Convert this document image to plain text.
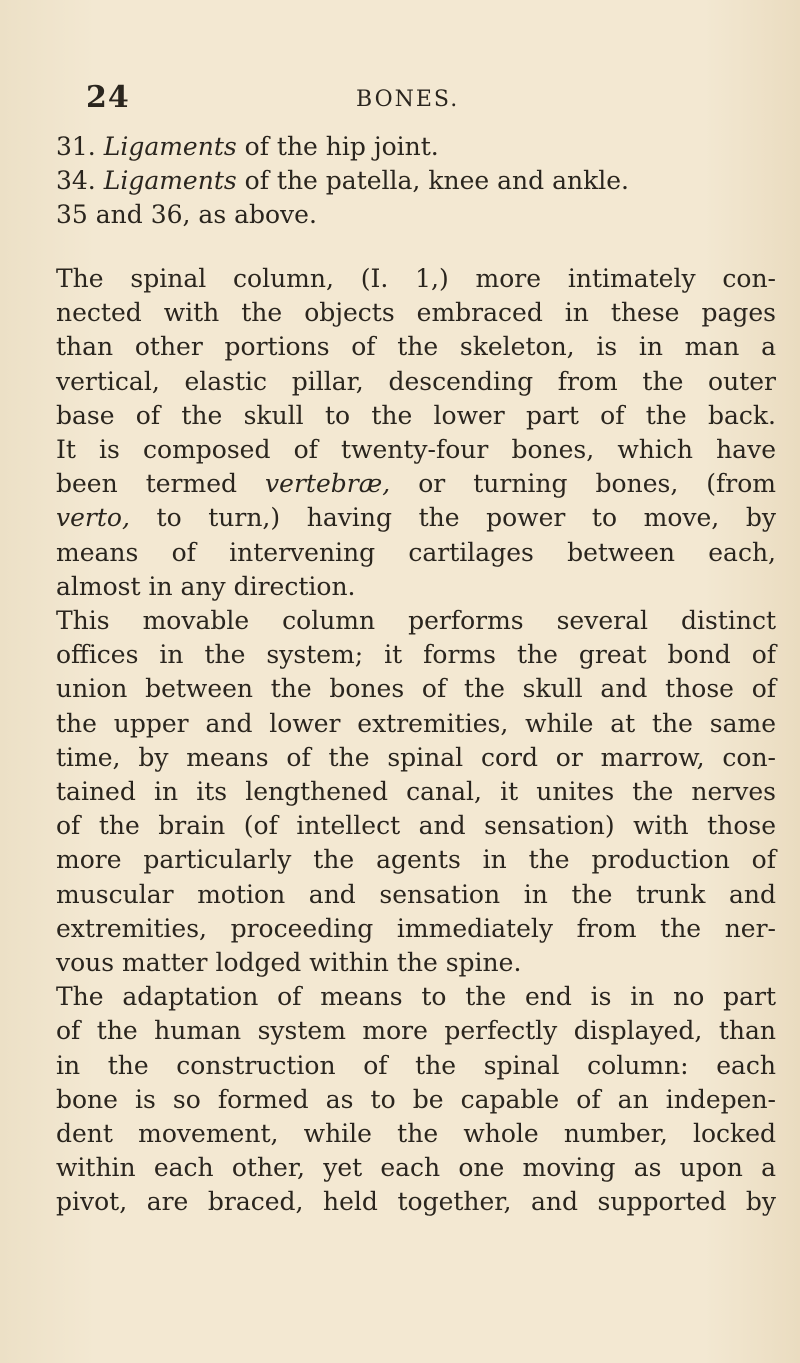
24	BONES.
31. Ligaments of the hip joint.
34. Ligaments of the patella, knee and ankle.
35 and 36, as above.
The spinal column, (I. 1,) more intimately con-
nected with the objects embraced in these pages
than other portions of the skeleton, is in man a
vertical, elastic pillar, descending from the outer
base of the skull to the lower part of the back.
It is composed of twenty-four bones, which have
been termed vertebræ, or turning bones, (from
verto, to turn,) having the power to move, by
means of intervening cartilages between each,
almost in any direction.
This movable column performs several distinct
offices in the system; it forms the great bond of
union between the bones of the skull and those of
the upper and lower extremities, while at the same
time, by means of the spinal cord or marrow, con-
tained in its lengthened canal, it unites the nerves
of the brain (of intellect and sensation) with those
more particularly the agents in the production of
muscular motion and sensation in the trunk and
extremities, proceeding immediately from the ner-
vous matter lodged within the spine.
The adaptation of means to the end is in no part
of the human system more perfectly displayed, than
in the construction of the spinal column: each
bone is so formed as to be capable of an indepen-
dent movement, while the whole number, locked
within each other, yet each one moving as upon a
pivot, are braced, held together, and supported by
